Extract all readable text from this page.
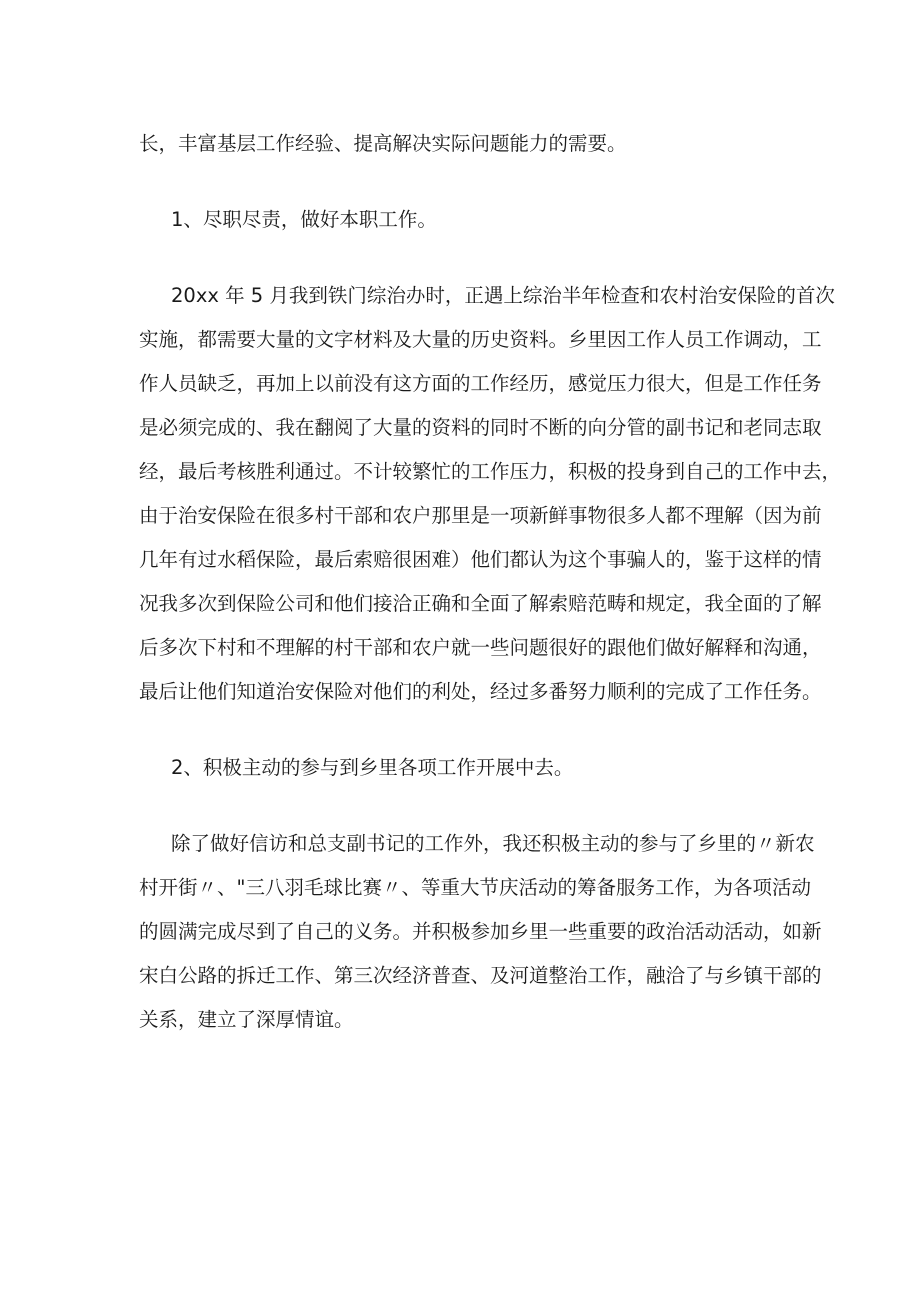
长，丰富基层工作经验、提高解决实际问题能力的需要。
1、尽职尽责，做好本职工作。
20xx 年 5 月我到铁门综治办时，正遇上综治半年检查和农村治安保险的首次
实施，都需要大量的文字材料及大量的历史资料。乡里因工作人员工作调动，工
作人员缺乏，再加上以前没有这方面的工作经历，感觉压力很大，但是工作任务
是必须完成的、我在翻阅了大量的资料的同时不断的向分管的副书记和老同志取
经，最后考核胜利通过。不计较繁忙的工作压力，积极的投身到自己的工作中去，
由于治安保险在很多村干部和农户那里是一项新鲜事物很多人都不理解（因为前
几年有过水稻保险，最后索赔很困难）他们都认为这个事骗人的，鉴于这样的情
况我多次到保险公司和他们接洽正确和全面了解索赔范畴和规定，我全面的了解
后多次下村和不理解的村干部和农户就一些问题很好的跟他们做好解释和沟通，
最后让他们知道治安保险对他们的利处，经过多番努力顺利的完成了工作任务。
2、积极主动的参与到乡里各项工作开展中去。
除了做好信访和总支副书记的工作外，我还积极主动的参与了乡里的〃新农
村开街〃、"三八羽毛球比赛〃、等重大节庆活动的筹备服务工作，为各项活动
的圆满完成尽到了自己的义务。并积极参加乡里一些重要的政治活动活动，如新
宋白公路的拆迁工作、第三次经济普查、及河道整治工作，融洽了与乡镇干部的
关系，建立了深厚情谊。
